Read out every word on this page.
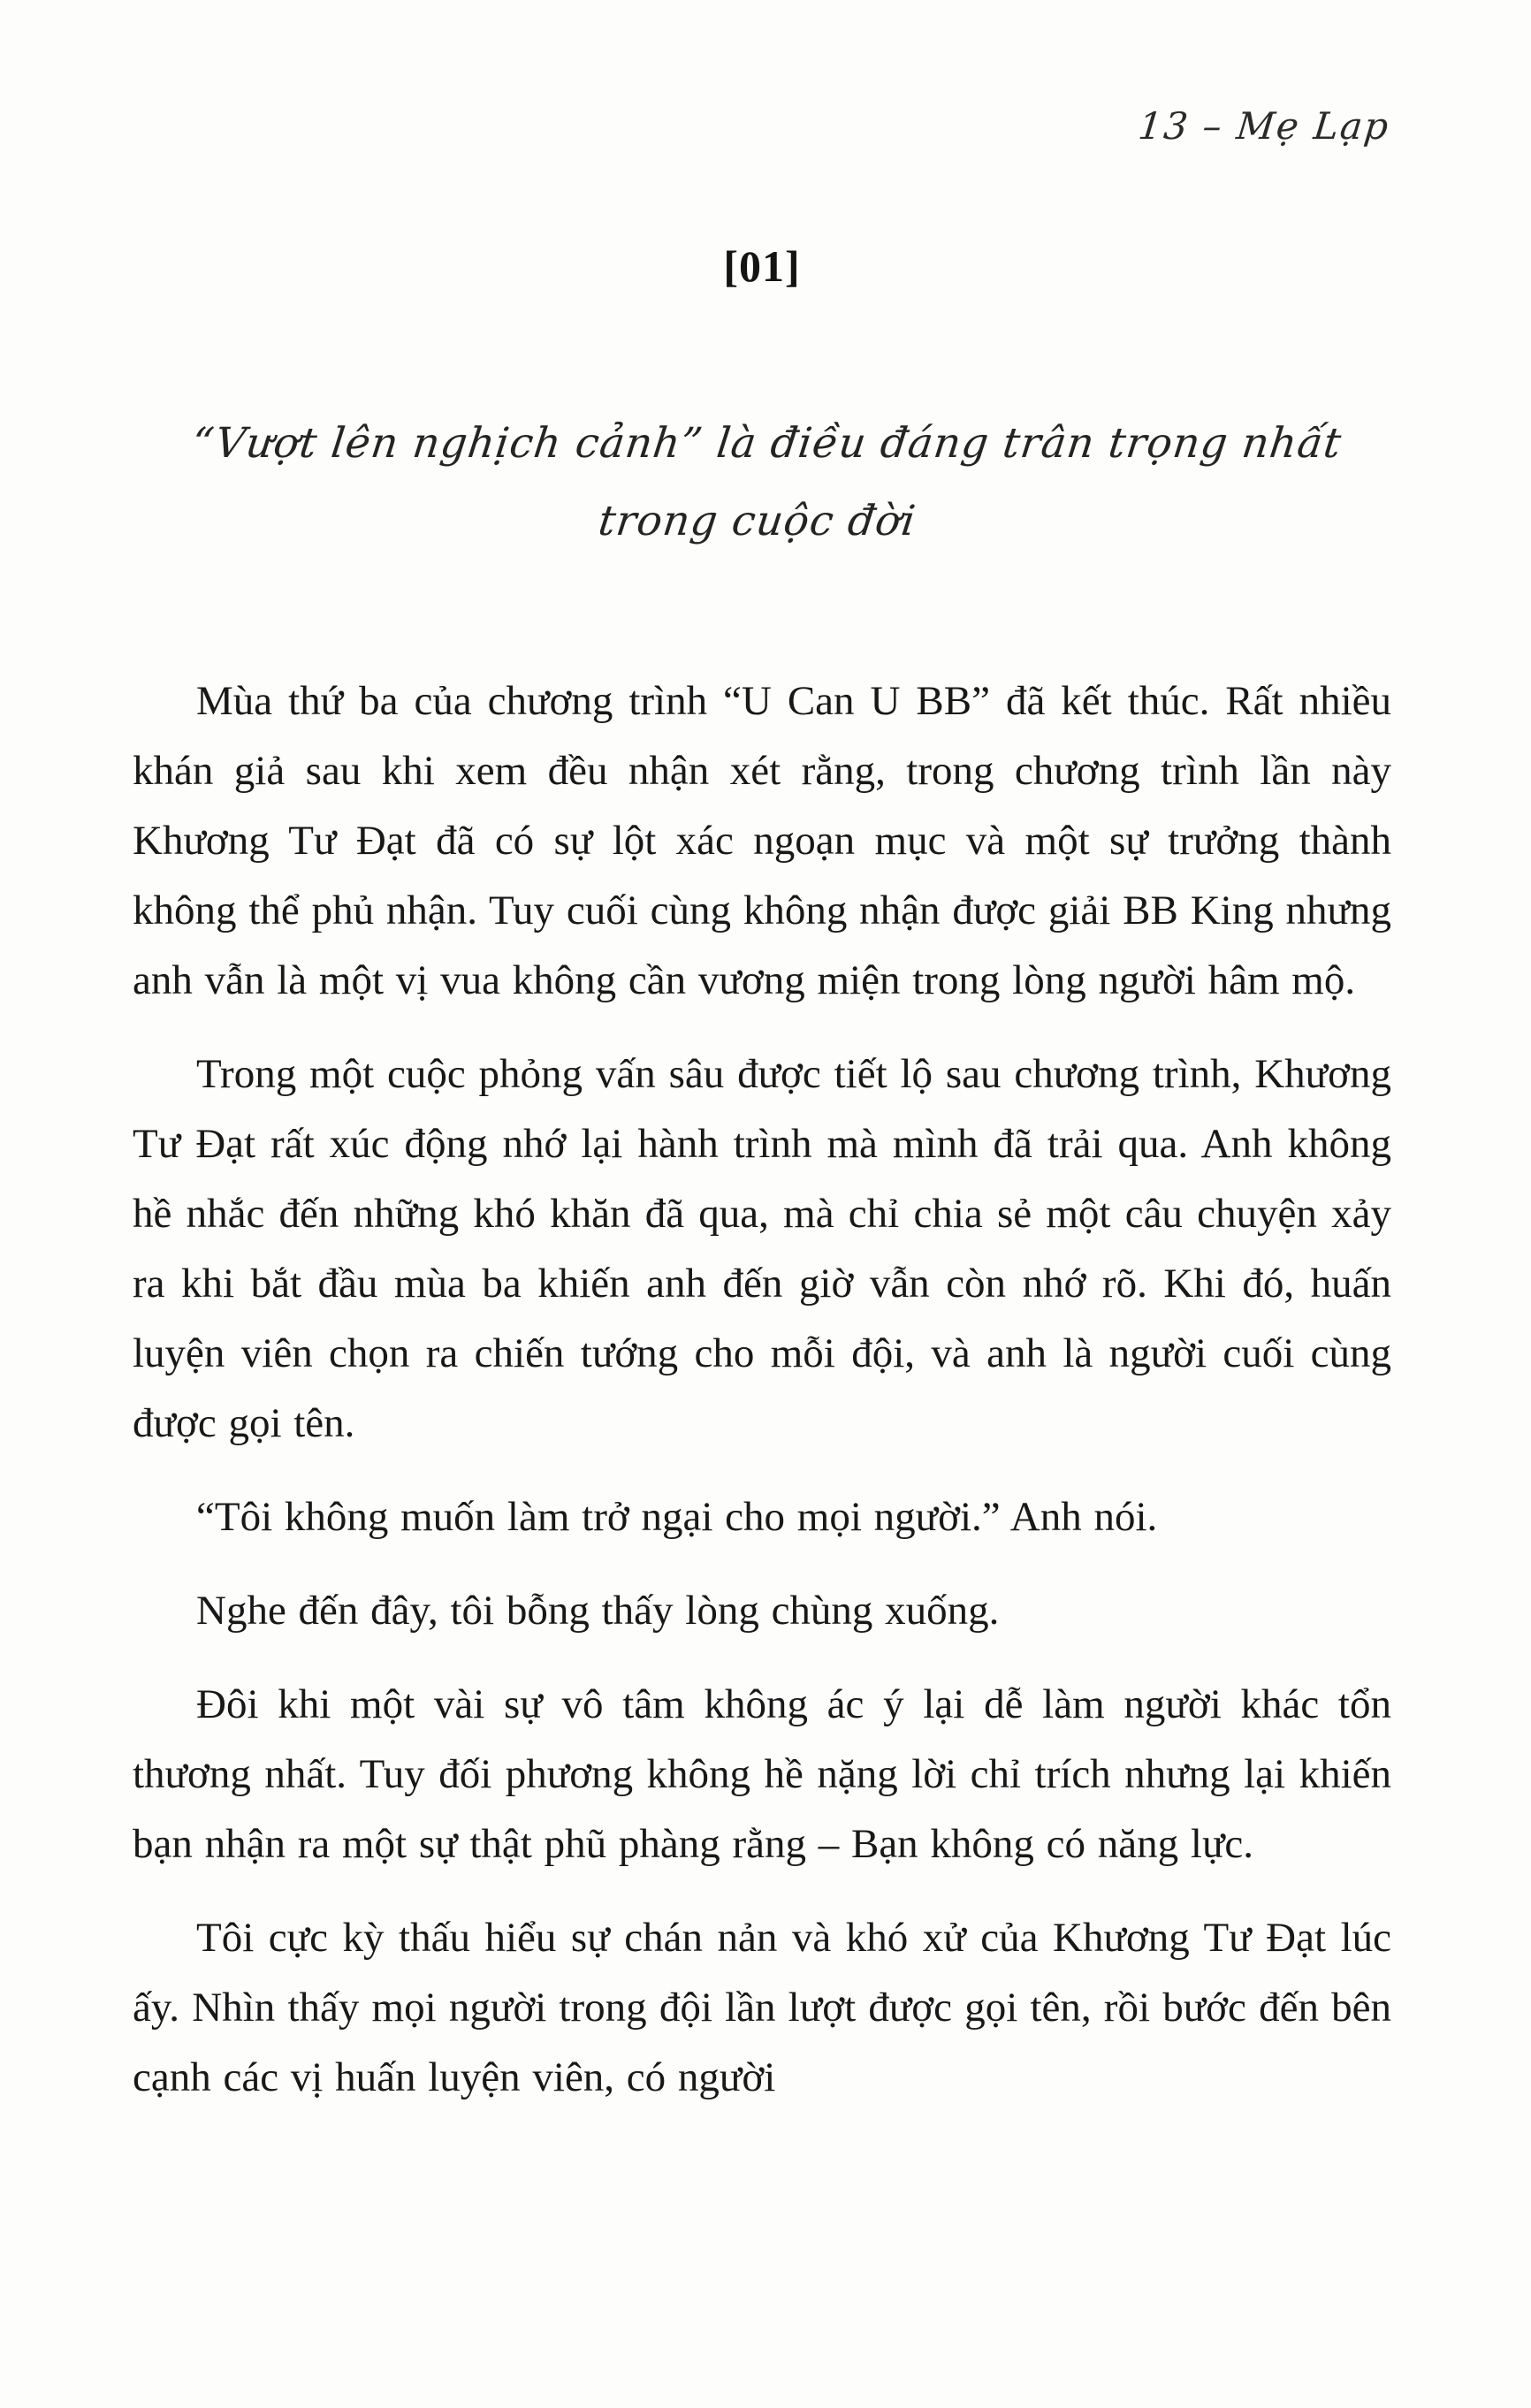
13 – Mẹ Lạp
[01]
“Vượt lên nghịch cảnh” là điều đáng trân trọng nhất
trong cuộc đời

Mùa thứ ba của chương trình “U Can U BB” đã kết thúc. Rất nhiều khán giả sau khi xem đều nhận xét rằng, trong chương trình lần này Khương Tư Đạt đã có sự lột xác ngoạn mục và một sự trưởng thành không thể phủ nhận. Tuy cuối cùng không nhận được giải BB King nhưng anh vẫn là một vị vua không cần vương miện trong lòng người hâm mộ.

Trong một cuộc phỏng vấn sâu được tiết lộ sau chương trình, Khương Tư Đạt rất xúc động nhớ lại hành trình mà mình đã trải qua. Anh không hề nhắc đến những khó khăn đã qua, mà chỉ chia sẻ một câu chuyện xảy ra khi bắt đầu mùa ba khiến anh đến giờ vẫn còn nhớ rõ. Khi đó, huấn luyện viên chọn ra chiến tướng cho mỗi đội, và anh là người cuối cùng được gọi tên.

“Tôi không muốn làm trở ngại cho mọi người.” Anh nói.

Nghe đến đây, tôi bỗng thấy lòng chùng xuống.

Đôi khi một vài sự vô tâm không ác ý lại dễ làm người khác tổn thương nhất. Tuy đối phương không hề nặng lời chỉ trích nhưng lại khiến bạn nhận ra một sự thật phũ phàng rằng – Bạn không có năng lực.

Tôi cực kỳ thấu hiểu sự chán nản và khó xử của Khương Tư Đạt lúc ấy. Nhìn thấy mọi người trong đội lần lượt được gọi tên, rồi bước đến bên cạnh các vị huấn luyện viên, có người
